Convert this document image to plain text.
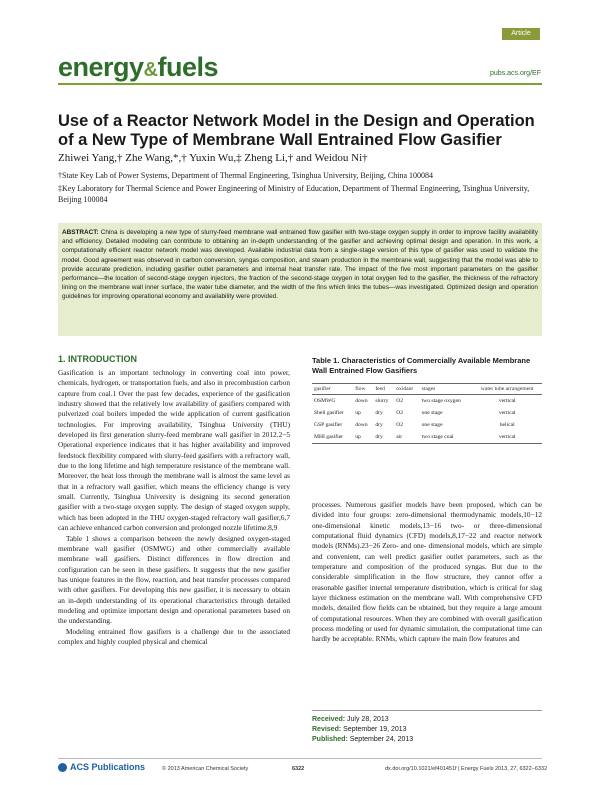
Article
energy&fuels	pubs.acs.org/EF
Use of a Reactor Network Model in the Design and Operation of a New Type of Membrane Wall Entrained Flow Gasifier
Zhiwei Yang,† Zhe Wang,*,† Yuxin Wu,‡ Zheng Li,† and Weidou Ni†
†State Key Lab of Power Systems, Department of Thermal Engineering, Tsinghua University, Beijing, China 100084
‡Key Laboratory for Thermal Science and Power Engineering of Ministry of Education, Department of Thermal Engineering, Tsinghua University, Beijing 100084
ABSTRACT: China is developing a new type of slurry-feed membrane wall entrained flow gasifier with two-stage oxygen supply in order to improve facility availability and efficiency. Detailed modeling can contribute to obtaining an in-depth understanding of the gasifier and achieving optimal design and operation. In this work, a computationally efficient reactor network model was developed. Available industrial data from a single-stage version of this type of gasifier was used to validate the model. Good agreement was observed in carbon conversion, syngas composition, and steam production in the membrane wall, suggesting that the model was able to provide accurate prediction, including gasifier outlet parameters and internal heat transfer rate. The impact of the five most important parameters on the gasifier performance—the location of second-stage oxygen injectors, the fraction of the second-stage oxygen in total oxygen fed to the gasifier, the thickness of the refractory lining on the membrane wall inner surface, the water tube diameter, and the width of the fins which links the tubes—was investigated. Optimized design and operation guidelines for improving operational economy and availability were provided.
1. INTRODUCTION

Gasification is an important technology in converting coal into power, chemicals, hydrogen, or transportation fuels, and also in precombustion carbon capture from coal.1 Over the past few decades, experience of the gasification industry showed that the relatively low availability of gasifiers compared with pulverized coal boilers impeded the wide application of current gasification technologies. For improving availability, Tsinghua University (THU) developed its first generation slurry-feed membrane wall gasifier in 2012.2−5 Operational experience indicates that it has higher availability and improved feedstock flexibility compared with slurry-feed gasifiers with a refractory wall, due to the long lifetime and high temperature resistance of the membrane wall. Moreover, the heat loss through the membrane wall is almost the same level as that in a refractory wall gasifier, which means the efficiency change is very small. Currently, Tsinghua University is designing its second generation gasifier with a two-stage oxygen supply. The design of staged oxygen supply, which has been adopted in the THU oxygen-staged refractory wall gasifier,6,7 can achieve enhanced carbon conversion and prolonged nozzle lifetime.8,9

Table 1 shows a comparison between the newly designed oxygen-staged membrane wall gasifier (OSMWG) and other commercially available membrane wall gasifiers. Distinct differences in flow direction and configuration can be seen in these gasifiers. It suggests that the new gasifier has unique features in the flow, reaction, and heat transfer processes compared with other gasifiers. For developing this new gasifier, it is necessary to obtain an in-depth understanding of its operational characteristics through detailed modeling and optimize important design and operational parameters based on the understanding.

Modeling entrained flow gasifiers is a challenge due to the associated complex and highly coupled physical and chemical

Table 1. Characteristics of Commercially Available Membrane Wall Entrained Flow Gasifiers
gasifier	flow	feed	oxidant	stages	water tube arrangement
OSMWG	down	slurry	O2	two stage oxygen	vertical
Shell gasifier	up	dry	O2	one stage	vertical
GSP gasifier	down	dry	O2	one stage	helical
MHI gasifier	up	dry	air	two stage coal	vertical

processes. Numerous gasifier models have been proposed, which can be divided into four groups: zero-dimensional thermodynamic models,10−12 one-dimensional kinetic models,13−16 two- or three-dimensional computational fluid dynamics (CFD) models,8,17−22 and reactor network models (RNMs).23−26 Zero- and one- dimensional models, which are simple and convenient, can well predict gasifier outlet parameters, such as the temperature and composition of the produced syngas. But due to the considerable simplification in the flow structure, they cannot offer a reasonable gasifier internal temperature distribution, which is critical for slag layer thickness estimation on the membrane wall. With comprehensive CFD models, detailed flow fields can be obtained, but they require a large amount of computational resources. When they are combined with overall gasification process modeling or used for dynamic simulation, the computational time can hardly be acceptable. RNMs, which capture the main flow features and

Received: July 28, 2013
Revised: September 19, 2013
Published: September 24, 2013
ACS Publications	© 2013 American Chemical Society	6322	dx.doi.org/10.1021/ef401451f | Energy Fuels 2013, 27, 6322−6332
